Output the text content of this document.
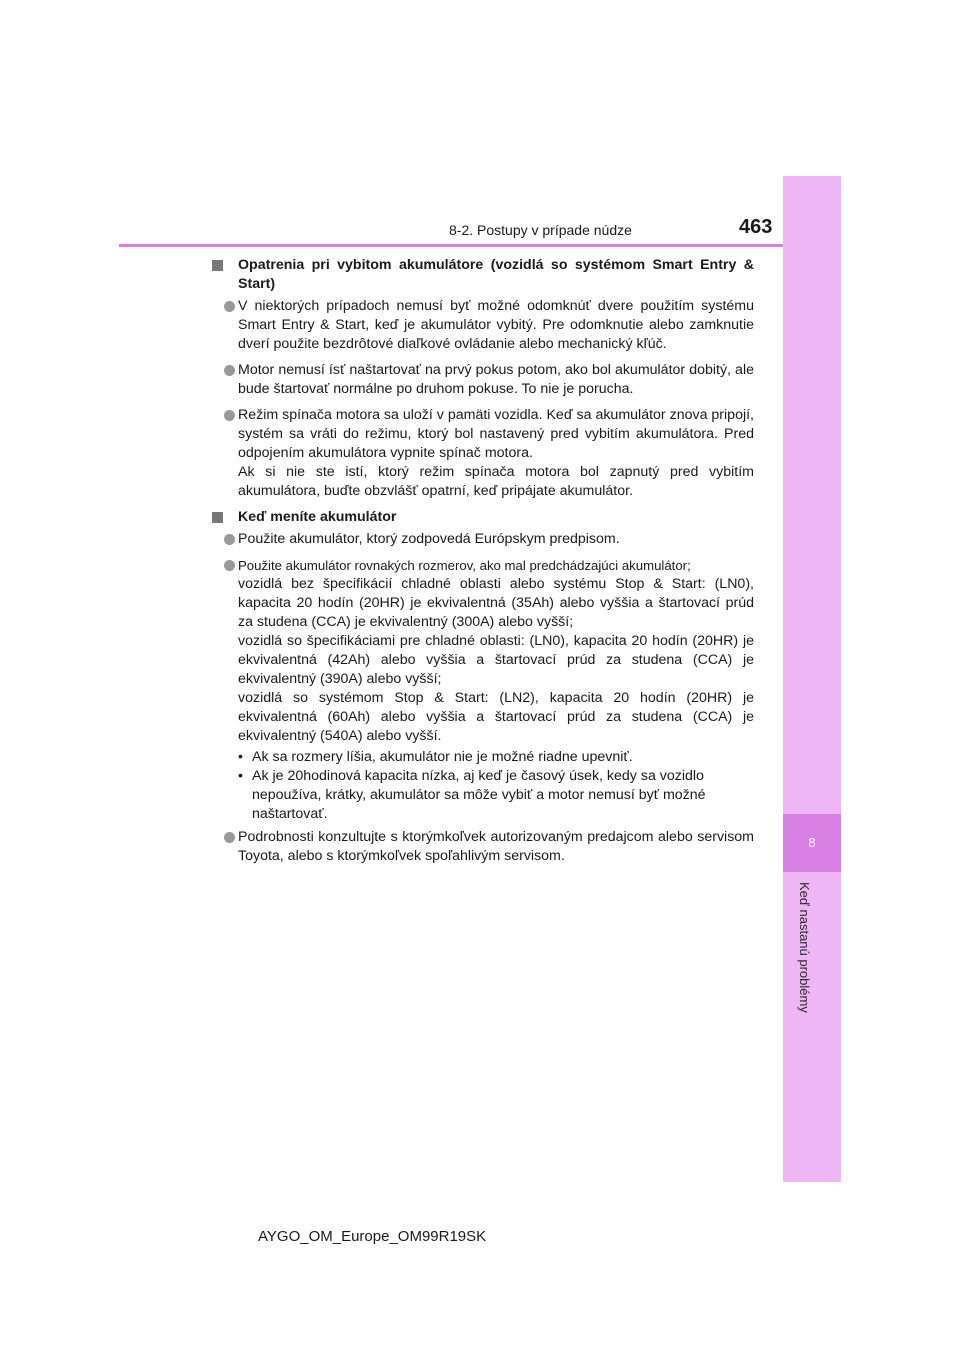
8
Keď nastanú problémy
8-2. Postupy v prípade núdze	463
Opatrenia pri vybitom akumulátore (vozidlá so systémom Smart Entry & Start)
V niektorých prípadoch nemusí byť možné odomknúť dvere použitím systému Smart Entry & Start, keď je akumulátor vybitý. Pre odomknutie alebo zamknutie dverí použite bezdrôtové diaľkové ovládanie alebo mechanický kľúč.
Motor nemusí ísť naštartovať na prvý pokus potom, ako bol akumulátor dobitý, ale bude štartovať normálne po druhom pokuse. To nie je porucha.
Režim spínača motora sa uloží v pamäti vozidla. Keď sa akumulátor znova pripojí, systém sa vráti do režimu, ktorý bol nastavený pred vybitím akumulátora. Pred odpojením akumulátora vypnite spínač motora.
Ak si nie ste istí, ktorý režim spínača motora bol zapnutý pred vybitím akumulátora, buďte obzvlášť opatrní, keď pripájate akumulátor.
Keď meníte akumulátor
Použite akumulátor, ktorý zodpovedá Európskym predpisom.
Použite akumulátor rovnakých rozmerov, ako mal predchádzajúci akumulátor;
vozidlá bez špecifikácií chladné oblasti alebo systému Stop & Start: (LN0), kapacita 20 hodín (20HR) je ekvivalentná (35Ah) alebo vyššia a štartovací prúd za studena (CCA) je ekvivalentný (300A) alebo vyšší;
vozidlá so špecifikáciami pre chladné oblasti: (LN0), kapacita 20 hodín (20HR) je ekvivalentná (42Ah) alebo vyššia a štartovací prúd za studena (CCA) je ekvivalentný (390A) alebo vyšší;
vozidlá so systémom Stop & Start: (LN2), kapacita 20 hodín (20HR) je ekvivalentná (60Ah) alebo vyššia a štartovací prúd za studena (CCA) je ekvivalentný (540A) alebo vyšší.
• Ak sa rozmery líšia, akumulátor nie je možné riadne upevniť.
• Ak je 20hodinová kapacita nízka, aj keď je časový úsek, kedy sa vozidlo nepoužíva, krátky, akumulátor sa môže vybiť a motor nemusí byť možné naštartovať.
Podrobnosti konzultujte s ktorýmkoľvek autorizovaným predajcom alebo servisom Toyota, alebo s ktorýmkoľvek spoľahlivým servisom.
AYGO_OM_Europe_OM99R19SK
